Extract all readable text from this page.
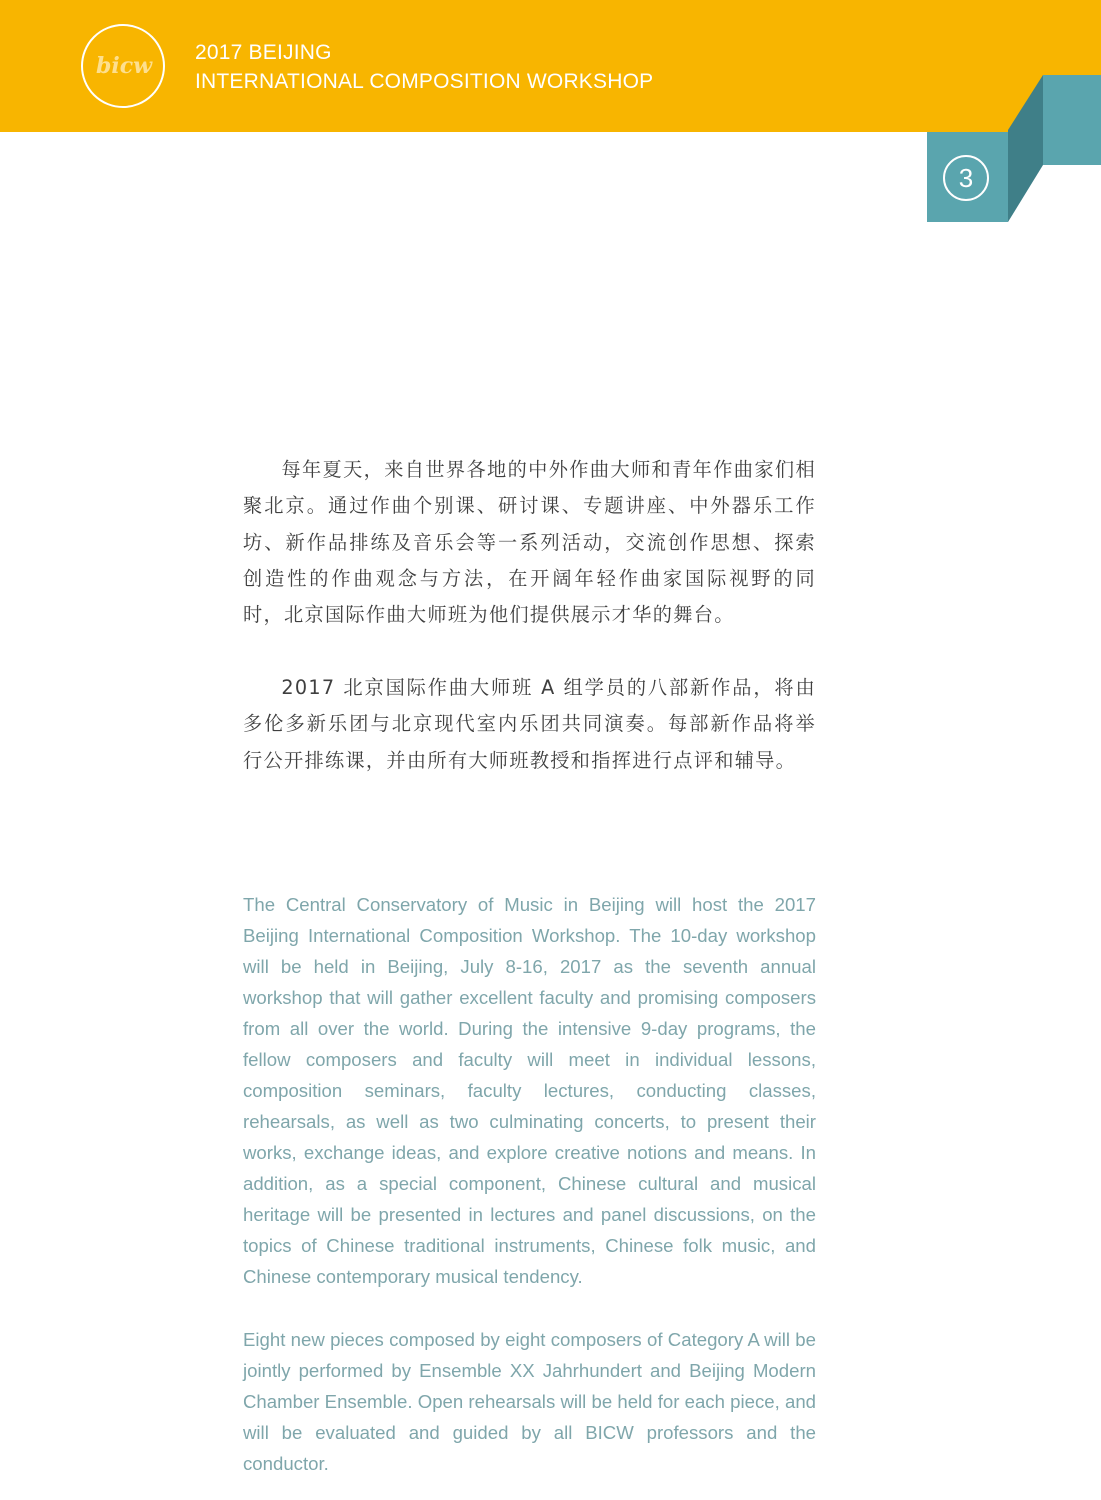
bicw
2017 BEIJING
INTERNATIONAL COMPOSITION WORKSHOP
3

每年夏天，来自世界各地的中外作曲大师和青年作曲家们相聚北京。通过作曲个别课、研讨课、专题讲座、中外器乐工作坊、新作品排练及音乐会等一系列活动，交流创作思想、探索创造性的作曲观念与方法，在开阔年轻作曲家国际视野的同时，北京国际作曲大师班为他们提供展示才华的舞台。

2017 北京国际作曲大师班 A 组学员的八部新作品，将由多伦多新乐团与北京现代室内乐团共同演奏。每部新作品将举行公开排练课，并由所有大师班教授和指挥进行点评和辅导。

The Central Conservatory of Music in Beijing will host the 2017 Beijing International Composition Workshop. The 10-day workshop will be held in Beijing, July 8-16, 2017 as the seventh annual workshop that will gather excellent faculty and promising composers from all over the world. During the intensive 9-day programs, the fellow composers and faculty will meet in individual lessons, composition seminars, faculty lectures, conducting classes, rehearsals, as well as two culminating concerts, to present their works, exchange ideas, and explore creative notions and means. In addition, as a special component, Chinese cultural and musical heritage will be presented in lectures and panel discussions, on the topics of Chinese traditional instruments, Chinese folk music, and Chinese contemporary musical tendency.

Eight new pieces composed by eight composers of Category A will be jointly performed by Ensemble XX Jahrhundert and Beijing Modern Chamber Ensemble. Open rehearsals will be held for each piece, and will be evaluated and guided by all BICW professors and the conductor.
